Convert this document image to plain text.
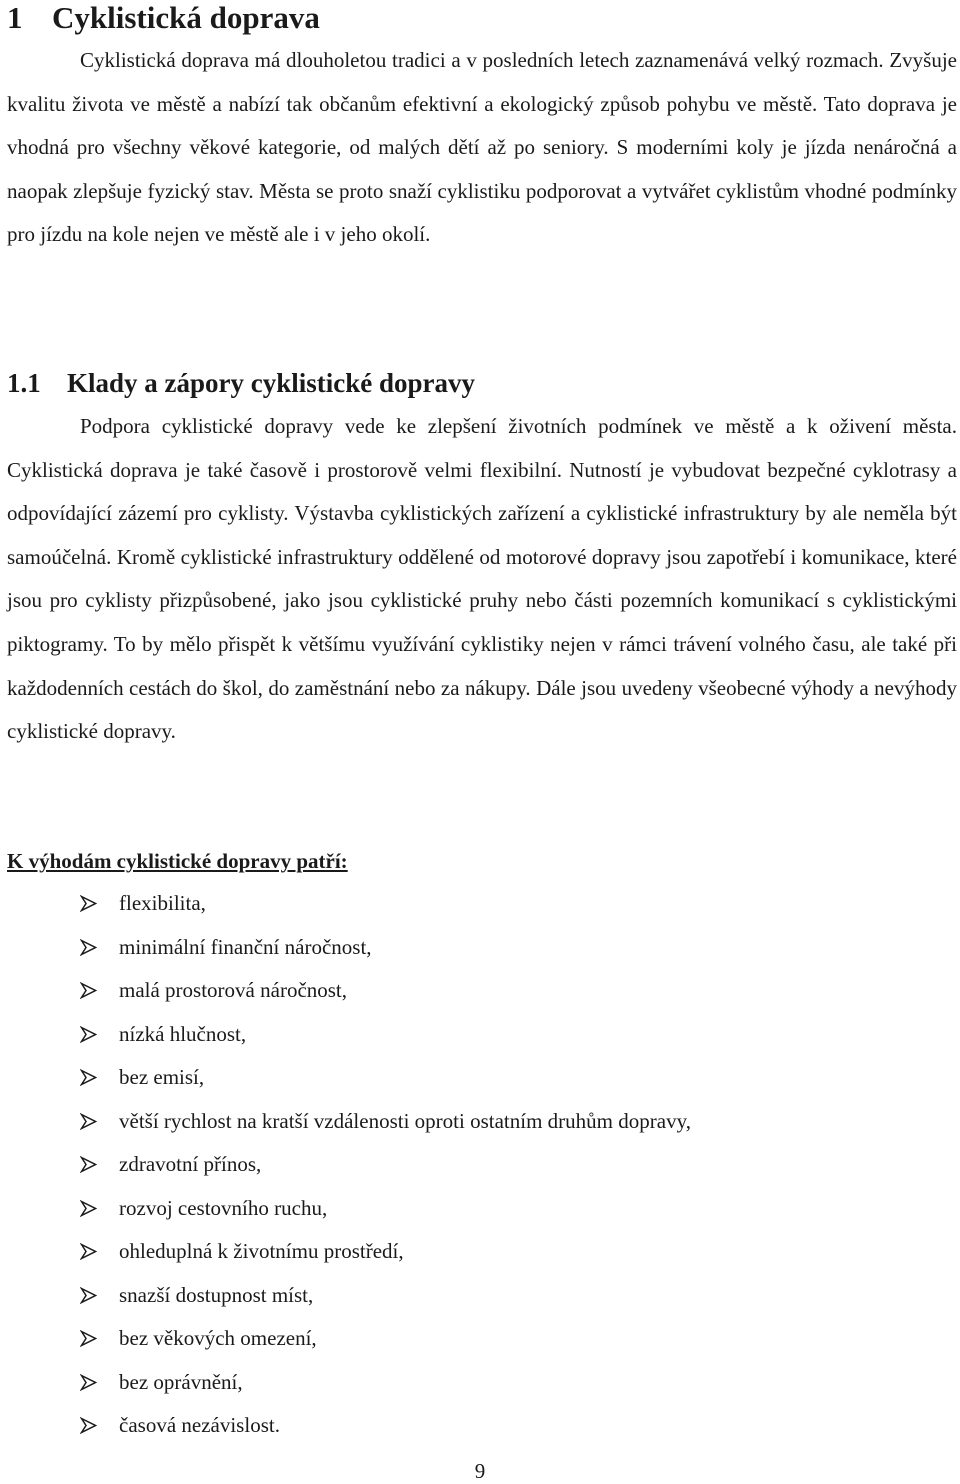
1 Cyklistická doprava

Cyklistická doprava má dlouholetou tradici a v posledních letech zaznamenává velký rozmach. Zvyšuje kvalitu života ve městě a nabízí tak občanům efektivní a ekologický způsob pohybu ve městě. Tato doprava je vhodná pro všechny věkové kategorie, od malých dětí až po seniory. S moderními koly je jízda nenáročná a naopak zlepšuje fyzický stav. Města se proto snaží cyklistiku podporovat a vytvářet cyklistům vhodné podmínky pro jízdu na kole nejen ve městě ale i v jeho okolí.

1.1 Klady a zápory cyklistické dopravy

Podpora cyklistické dopravy vede ke zlepšení životních podmínek ve městě a k oživení města. Cyklistická doprava je také časově i prostorově velmi flexibilní. Nutností je vybudovat bezpečné cyklotrasy a odpovídající zázemí pro cyklisty. Výstavba cyklistických zařízení a cyklistické infrastruktury by ale neměla být samoúčelná. Kromě cyklistické infrastruktury oddělené od motorové dopravy jsou zapotřebí i komunikace, které jsou pro cyklisty přizpůsobené, jako jsou cyklistické pruhy nebo části pozemních komunikací s cyklistickými piktogramy. To by mělo přispět k většímu využívání cyklistiky nejen v rámci trávení volného času, ale také při každodenních cestách do škol, do zaměstnání nebo za nákupy. Dále jsou uvedeny všeobecné výhody a nevýhody cyklistické dopravy.

K výhodám cyklistické dopravy patří:

flexibilita,
minimální finanční náročnost,
malá prostorová náročnost,
nízká hlučnost,
bez emisí,
větší rychlost na kratší vzdálenosti oproti ostatním druhům dopravy,
zdravotní přínos,
rozvoj cestovního ruchu,
ohleduplná k životnímu prostředí,
snazší dostupnost míst,
bez věkových omezení,
bez oprávnění,
časová nezávislost.
9
